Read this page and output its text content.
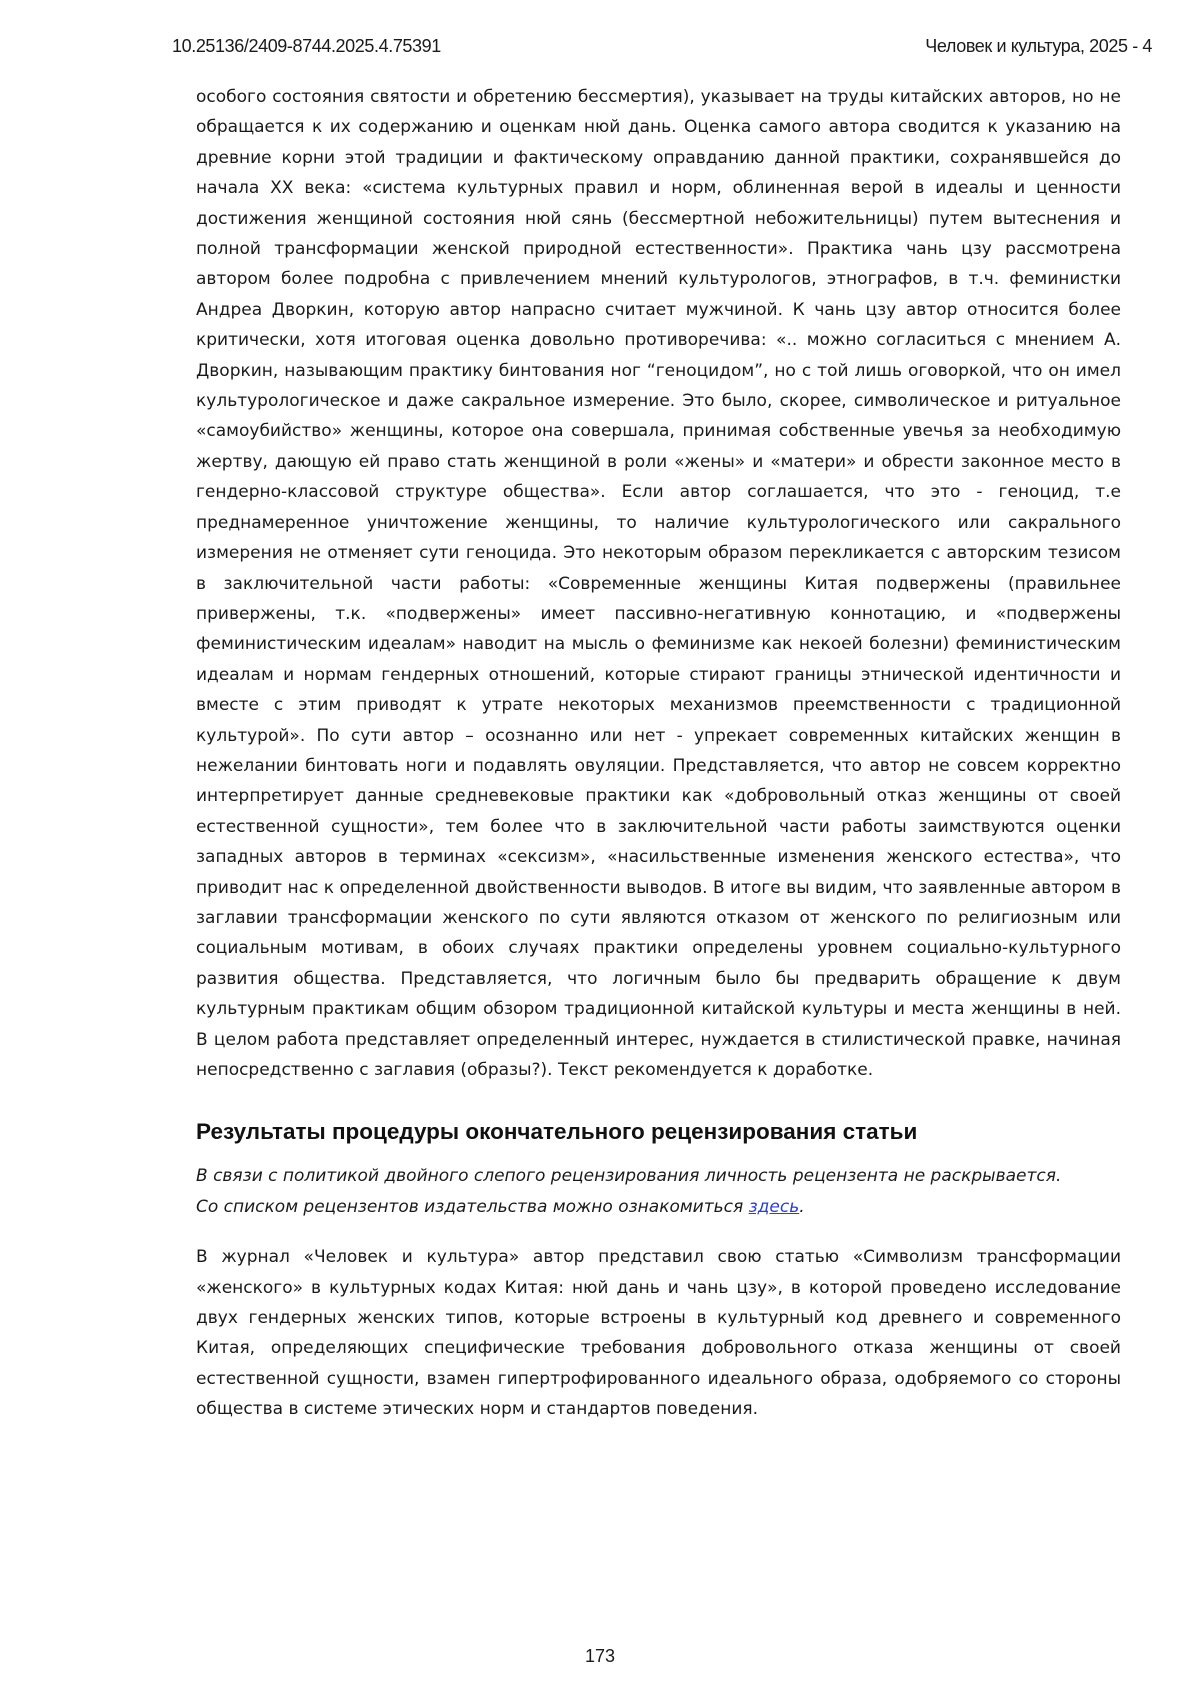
10.25136/2409-8744.2025.4.75391	Человек и культура, 2025 - 4

особого состояния святости и обретению бессмертия), указывает на труды китайских авторов, но не обращается к их содержанию и оценкам нюй дань. Оценка самого автора сводится к указанию на древние корни этой традиции и фактическому оправданию данной практики, сохранявшейся до начала XX века: «система культурных правил и норм, облиненная верой в идеалы и ценности достижения женщиной состояния нюй сянь (бессмертной небожительницы) путем вытеснения и полной трансформации женской природной естественности». Практика чань цзу рассмотрена автором более подробна с привлечением мнений культурологов, этнографов, в т.ч. феминистки Андреа Дворкин, которую автор напрасно считает мужчиной. К чань цзу автор относится более критически, хотя итоговая оценка довольно противоречива: «.. можно согласиться с мнением А. Дворкин, называющим практику бинтования ног “геноцидом”, но с той лишь оговоркой, что он имел культурологическое и даже сакральное измерение. Это было, скорее, символическое и ритуальное «самоубийство» женщины, которое она совершала, принимая собственные увечья за необходимую жертву, дающую ей право стать женщиной в роли «жены» и «матери» и обрести законное место в гендерно-классовой структуре общества». Если автор соглашается, что это - геноцид, т.е преднамеренное уничтожение женщины, то наличие культурологического или сакрального измерения не отменяет сути геноцида. Это некоторым образом перекликается с авторским тезисом в заключительной части работы: «Современные женщины Китая подвержены (правильнее привержены, т.к. «подвержены» имеет пассивно-негативную коннотацию, и «подвержены феминистическим идеалам» наводит на мысль о феминизме как некоей болезни) феминистическим идеалам и нормам гендерных отношений, которые стирают границы этнической идентичности и вместе с этим приводят к утрате некоторых механизмов преемственности с традиционной культурой». По сути автор – осознанно или нет - упрекает современных китайских женщин в нежелании бинтовать ноги и подавлять овуляции. Представляется, что автор не совсем корректно интерпретирует данные средневековые практики как «добровольный отказ женщины от своей естественной сущности», тем более что в заключительной части работы заимствуются оценки западных авторов в терминах «сексизм», «насильственные изменения женского естества», что приводит нас к определенной двойственности выводов. В итоге вы видим, что заявленные автором в заглавии трансформации женского по сути являются отказом от женского по религиозным или социальным мотивам, в обоих случаях практики определены уровнем социально-культурного развития общества. Представляется, что логичным было бы предварить обращение к двум культурным практикам общим обзором традиционной китайской культуры и места женщины в ней. В целом работа представляет определенный интерес, нуждается в стилистической правке, начиная непосредственно с заглавия (образы?). Текст рекомендуется к доработке.

Результаты процедуры окончательного рецензирования статьи

В связи с политикой двойного слепого рецензирования личность рецензента не раскрывается.

Со списком рецензентов издательства можно ознакомиться здесь.

В журнал «Человек и культура» автор представил свою статью «Символизм трансформации «женского» в культурных кодах Китая: нюй дань и чань цзу», в которой проведено исследование двух гендерных женских типов, которые встроены в культурный код древнего и современного Китая, определяющих специфические требования добровольного отказа женщины от своей естественной сущности, взамен гипертрофированного идеального образа, одобряемого со стороны общества в системе этических норм и стандартов поведения.

173
